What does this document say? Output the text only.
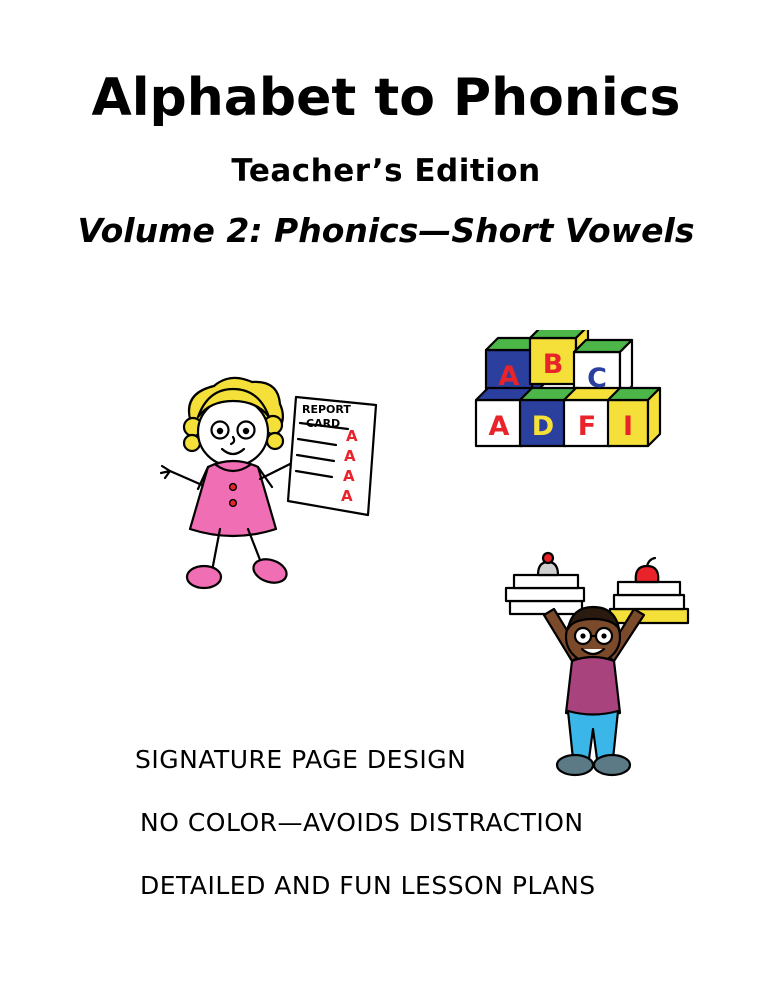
Alphabet to Phonics
Teacher’s Edition
Volume 2: Phonics—Short Vowels
REPORT
CARD
A
A
A
A
A B C
A D F I
SIGNATURE PAGE DESIGN
NO COLOR—AVOIDS DISTRACTION
DETAILED AND FUN LESSON PLANS
